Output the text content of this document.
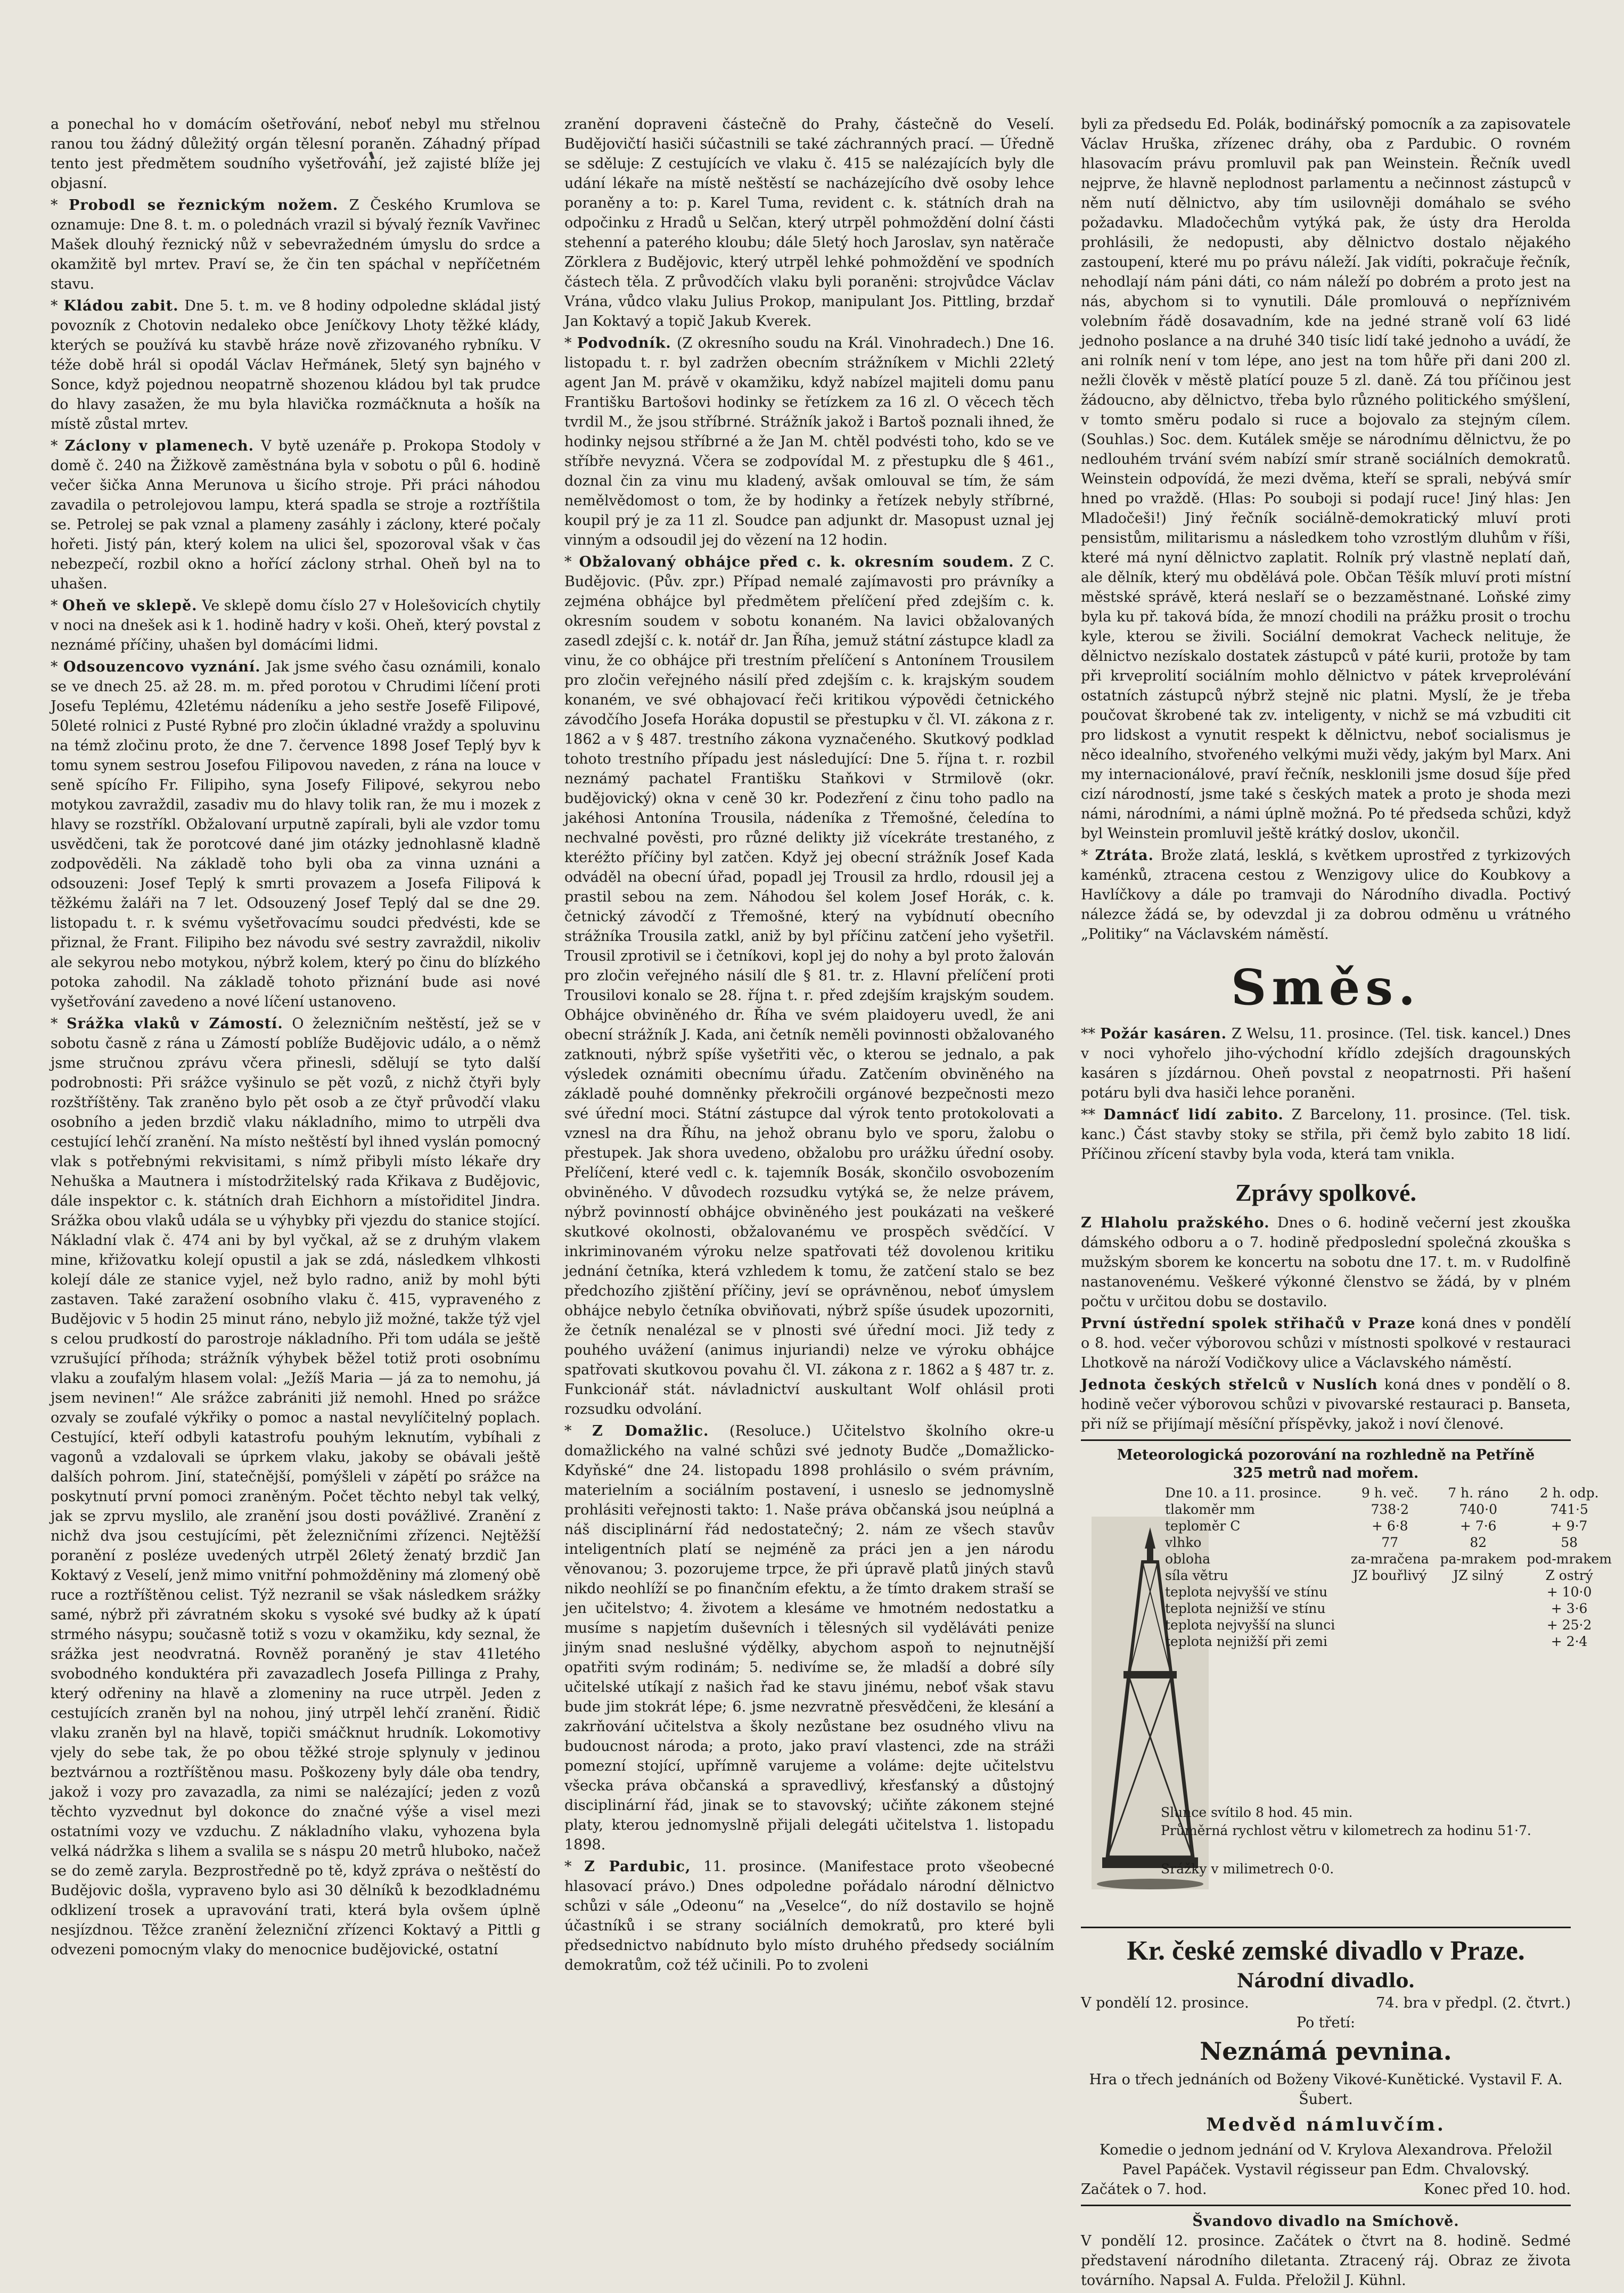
a ponechal ho v domácím ošetřování, neboť nebyl mu střelnou ranou tou žádný důležitý orgán tělesní poraněn. Záhadný případ tento jest předmětem soudního vyšetřování, jež zajisté blíže jej objasní.

* Probodl se řeznickým nožem. Z Českého Krumlova se oznamuje: Dne 8. t. m. o polednách vrazil si bývalý řezník Vavřinec Mašek dlouhý řeznický nůž v sebevražedném úmyslu do srdce a okamžitě byl mrtev. Praví se, že čin ten spáchal v nepříčetném stavu.

* Kládou zabit. Dne 5. t. m. ve 8 hodiny odpoledne skládal jistý povozník z Chotovin nedaleko obce Jeníčkovy Lhoty těžké klády, kterých se používá ku stavbě hráze nově zřizovaného rybníku. V téže době hrál si opodál Václav Heřmánek, 5letý syn bajného v Sonce, když pojednou neopatrně shozenou kládou byl tak prudce do hlavy zasažen, že mu byla hlavička rozmáčknuta a hošík na místě zůstal mrtev.

* Záclony v plamenech. V bytě uzenáře p. Prokopa Stodoly v domě č. 240 na Žižkově zaměstnána byla v sobotu o půl 6. hodině večer šička Anna Merunova u šicího stroje. Při práci náhodou zavadila o petrolejovou lampu, která spadla se stroje a roztříštila se. Petrolej se pak vznal a plameny zasáhly i záclony, které počaly hořeti. Jistý pán, který kolem na ulici šel, spozoroval však v čas nebezpečí, rozbil okno a hořící záclony strhal. Oheň byl na to uhašen.

* Oheň ve sklepě. Ve sklepě domu číslo 27 v Holešovicích chytily v noci na dnešek asi k 1. hodině hadry v koši. Oheň, který povstal z neznámé příčiny, uhašen byl domácími lidmi.

* Odsouzencovo vyznání. Jak jsme svého času oznámili, konalo se ve dnech 25. až 28. m. m. před porotou v Chrudimi líčení proti Josefu Teplému, 42letému nádeníku a jeho sestře Josefě Filipové, 50leté rolnici z Pusté Rybné pro zločin úkladné vraždy a spoluvinu na témž zločinu proto, že dne 7. července 1898 Josef Teplý byv k tomu synem sestrou Josefou Filipovou naveden, z rána na louce v seně spícího Fr. Filipiho, syna Josefy Filipové, sekyrou nebo motykou zavraždil, zasadiv mu do hlavy tolik ran, že mu i mozek z hlavy se rozstříkl. Obžalovaní urputně zapírali, byli ale vzdor tomu usvědčeni, tak že porotcové dané jim otázky jednohlasně kladně zodpověděli. Na základě toho byli oba za vinna uznáni a odsouzeni: Josef Teplý k smrti provazem a Josefa Filipová k těžkému žaláři na 7 let. Odsouzený Josef Teplý dal se dne 29. listopadu t. r. k svému vyšetřovacímu soudci předvésti, kde se přiznal, že Frant. Filipiho bez návodu své sestry zavraždil, nikoliv ale sekyrou nebo motykou, nýbrž kolem, který po činu do blízkého potoka zahodil. Na základě tohoto přiznání bude asi nové vyšetřování zavedeno a nové líčení ustanoveno.

* Srážka vlaků v Zámostí. O železničním neštěstí, jež se v sobotu časně z rána u Zámostí poblíže Budějovic událo, a o němž jsme stručnou zprávu včera přinesli, sdělují se tyto další podrobnosti: Při srážce vyšinulo se pět vozů, z nichž čtyři byly rozštříštěny. Tak zraněno bylo pět osob a ze čtyř průvodčí vlaku osobního a jeden brzdič vlaku nákladního, mimo to utrpěli dva cestující lehčí zranění. Na místo neštěstí byl ihned vyslán pomocný vlak s potřebnými rekvisitami, s nímž přibyli místo lékaře dry Nehuška a Mautnera i místodržitelský rada Křikava z Budějovic, dále inspektor c. k. státních drah Eichhorn a místořiditel Jindra. Srážka obou vlaků udála se u výhybky při vjezdu do stanice stojící. Nákladní vlak č. 474 ani by byl vyčkal, až se z druhým vlakem mine, křižovatku kolejí opustil a jak se zdá, následkem vlhkosti kolejí dále ze stanice vyjel, než bylo radno, aniž by mohl býti zastaven. Také zaražení osobního vlaku č. 415, vypraveného z Budějovic v 5 hodin 25 minut ráno, nebylo již možné, takže týž vjel s celou prudkostí do parostroje nákladního. Při tom udála se ještě vzrušující příhoda; strážník výhybek běžel totiž proti osobnímu vlaku a zoufalým hlasem volal: „Ježíš Maria — já za to nemohu, já jsem nevinen!“ Ale srážce zabrániti již nemohl. Hned po srážce ozvaly se zoufalé výkřiky o pomoc a nastal nevylíčitelný poplach. Cestující, kteří odbyli katastrofu pouhým leknutím, vybíhali z vagonů a vzdalovali se úprkem vlaku, jakoby se obávali ještě dalších pohrom. Jiní, statečnější, pomýšleli v zápětí po srážce na poskytnutí první pomoci zraněným. Počet těchto nebyl tak velký, jak se zprvu myslilo, ale zranění jsou dosti povážlivé. Zranění z nichž dva jsou cestujícími, pět železničními zřízenci. Nejtěžší poranění z posléze uvedených utrpěl 26letý ženatý brzdič Jan Koktavý z Veselí, jenž mimo vnitřní pohmožděniny má zlomený obě ruce a roztříštěnou celist. Týž nezranil se však následkem srážky samé, nýbrž při závratném skoku s vysoké své budky až k úpatí strmého násypu; současně totiž s vozu v okamžiku, kdy seznal, že srážka jest neodvratná. Rovněž poraněný je stav 41letého svobodného konduktéra při zavazadlech Josefa Pillinga z Prahy, který odřeniny na hlavě a zlomeniny na ruce utrpěl. Jeden z cestujících zraněn byl na nohou, jiný utrpěl lehčí zranění. Řidič vlaku zraněn byl na hlavě, topiči smáčknut hrudník. Lokomotivy vjely do sebe tak, že po obou těžké stroje splynuly v jedinou beztvárnou a roztříštěnou masu. Poškozeny byly dále oba tendry, jakož i vozy pro zavazadla, za nimi se nalézající; jeden z vozů těchto vyzvednut byl dokonce do značné výše a visel mezi ostatními vozy ve vzduchu. Z nákladního vlaku, vyhozena byla velká nádržka s lihem a svalila se s náspu 20 metrů hluboko, načež se do země zaryla. Bezprostředně po tě, když zpráva o neštěstí do Budějovic došla, vypraveno bylo asi 30 dělníků k bezodkladnému odklizení trosek a upravování trati, která byla ovšem úplně nesjízdnou. Těžce zranění železniční zřízenci Koktavý a Pittli g odvezeni pomocným vlaky do menocnice budějovické, ostatní

zranění dopraveni částečně do Prahy, částečně do Veselí. Budějovičtí hasiči súčastnili se také záchranných prací. — Úředně se sděluje: Z cestujících ve vlaku č. 415 se nalézajících byly dle udání lékaře na místě neštěstí se nacházejícího dvě osoby lehce poraněny a to: p. Karel Tuma, revident c. k. státních drah na odpočinku z Hradů u Selčan, který utrpěl pohmoždění dolní části stehenní a paterého kloubu; dále 5letý hoch Jaroslav, syn natěrače Zörklera z Budějovic, který utrpěl lehké pohmoždění ve spodních částech těla. Z průvodčích vlaku byli poraněni: strojvůdce Václav Vrána, vůdco vlaku Julius Prokop, manipulant Jos. Pittling, brzdař Jan Koktavý a topič Jakub Kverek.

* Podvodník. (Z okresního soudu na Král. Vinohradech.) Dne 16. listopadu t. r. byl zadržen obecním strážníkem v Michli 22letý agent Jan M. právě v okamžiku, když nabízel majiteli domu panu Františku Bartošovi hodinky se řetízkem za 16 zl. O věcech těch tvrdil M., že jsou stříbrné. Strážník jakož i Bartoš poznali ihned, že hodinky nejsou stříbrné a že Jan M. chtěl podvésti toho, kdo se ve stříbře nevyzná. Včera se zodpovídal M. z přestupku dle § 461., doznal čin za vinu mu kladený, avšak omlouval se tím, že sám nemělvědomost o tom, že by hodinky a řetízek nebyly stříbrné, koupil prý je za 11 zl. Soudce pan adjunkt dr. Masopust uznal jej vinným a odsoudil jej do vězení na 12 hodin.

* Obžalovaný obhájce před c. k. okresním soudem. Z C. Budějovic. (Pův. zpr.) Případ nemalé zajímavosti pro právníky a zejména obhájce byl předmětem přelíčení před zdejším c. k. okresním soudem v sobotu konaném. Na lavici obžalovaných zasedl zdejší c. k. notář dr. Jan Říha, jemuž státní zástupce kladl za vinu, že co obhájce při trestním přelíčení s Antonínem Trousilem pro zločin veřejného násilí před zdejším c. k. krajským soudem konaném, ve své obhajovací řeči kritikou výpovědi četnického závodčího Josefa Horáka dopustil se přestupku v čl. VI. zákona z r. 1862 a v § 487. trestního zákona vyznačeného. Skutkový podklad tohoto trestního případu jest následující: Dne 5. října t. r. rozbil neznámý pachatel Františku Staňkovi v Strmilově (okr. budějovický) okna v ceně 30 kr. Podezření z činu toho padlo na jakéhosi Antonína Trousila, nádeníka z Třemošné, čeledína to nechvalné pověsti, pro různé delikty již vícekráte trestaného, z kteréžto příčiny byl zatčen. Když jej obecní strážník Josef Kada odváděl na obecní úřad, popadl jej Trousil za hrdlo, rdousil jej a prastil sebou na zem. Náhodou šel kolem Josef Horák, c. k. četnický závodčí z Třemošné, který na vybídnutí obecního strážníka Trousila zatkl, aniž by byl příčinu zatčení jeho vyšetřil. Trousil zprotivil se i četníkovi, kopl jej do nohy a byl proto žalován pro zločin veřejného násilí dle § 81. tr. z. Hlavní přelíčení proti Trousilovi konalo se 28. října t. r. před zdejším krajským soudem. Obhájce obviněného dr. Říha ve svém plaidoyeru uvedl, že ani obecní strážník J. Kada, ani četník neměli povinnosti obžalovaného zatknouti, nýbrž spíše vyšetřiti věc, o kterou se jednalo, a pak výsledek oznámiti obecnímu úřadu. Zatčením obviněného na základě pouhé domněnky překročili orgánové bezpečnosti mezo své úřední moci. Státní zástupce dal výrok tento protokolovati a vznesl na dra Říhu, na jehož obranu bylo ve sporu, žalobu o přestupek. Jak shora uvedeno, obžalobu pro urážku úřední osoby. Přelíčení, které vedl c. k. tajemník Bosák, skončilo osvobozením obviněného. V důvodech rozsudku vytýká se, že nelze právem, nýbrž povinností obhájce obviněného jest poukázati na veškeré skutkové okolnosti, obžalovanému ve prospěch svědčící. V inkriminovaném výroku nelze spatřovati též dovolenou kritiku jednání četníka, která vzhledem k tomu, že zatčení stalo se bez předchozího zjištění příčiny, jeví se oprávněnou, neboť úmyslem obhájce nebylo četníka obviňovati, nýbrž spíše úsudek upozorniti, že četník nenalézal se v plnosti své úřední moci. Již tedy z pouhého uvážení (animus injuriandi) nelze ve výroku obhájce spatřovati skutkovou povahu čl. VI. zákona z r. 1862 a § 487 tr. z. Funkcionář stát. návladnictví auskultant Wolf ohlásil proti rozsudku odvolání.

* Z Domažlic. (Resoluce.) Učitelstvo školního okre-u domažlického na valné schůzi své jednoty Budče „Domažlicko-Kdyňské“ dne 24. listopadu 1898 prohlásilo o svém právním, materielním a sociálním postavení, i usneslo se jednomyslně prohlásiti veřejnosti takto: 1. Naše práva občanská jsou neúplná a náš disciplinární řád nedostatečný; 2. nám ze všech stavův inteligentních platí se nejméně za práci jen a jen národu věnovanou; 3. pozorujeme trpce, že při úpravě platů jiných stavů nikdo neohlíží se po finančním efektu, a že tímto drakem straší se jen učitelstvo; 4. životem a klesáme ve hmotném nedostatku a musíme s napjetím duševních i tělesných sil vyděláváti penize jiným snad neslušné výdělky, abychom aspoň to nejnutnější opatřiti svým rodinám; 5. nedivíme se, že mladší a dobré síly učitelské utíkají z našich řad ke stavu jinému, neboť však stavu bude jim stokrát lépe; 6. jsme nezvratně přesvědčeni, že klesání a zakrňování učitelstva a školy nezůstane bez osudného vlivu na budoucnost národa; a proto, jako praví vlastenci, zde na stráži pomezní stojící, upřímně varujeme a voláme: dejte učitelstvu všecka práva občanská a spravedlivý, křesťanský a důstojný disciplinární řád, jinak se to stavovský; učiňte zákonem stejné platy, kterou jednomyslně přijali delegáti učitelstva 1. listopadu 1898.

* Z Pardubic, 11. prosince. (Manifestace proto všeobecné hlasovací právo.) Dnes odpoledne pořádalo národní dělnictvo schůzi v sále „Odeonu“ na „Veselce“, do níž dostavilo se hojně účastníků i se strany sociálních demokratů, pro které byli předsednictvo nabídnuto bylo místo druhého předsedy sociálním demokratům, což též učinili. Po to zvoleni

byli za předsedu Ed. Polák, bodinářský pomocník a za zapisovatele Václav Hruška, zřízenec dráhy, oba z Pardubic. O rovném hlasovacím právu promluvil pak pan Weinstein. Řečník uvedl nejprve, že hlavně neplodnost parlamentu a nečinnost zástupců v něm nutí dělnictvo, aby tím usilovněji domáhalo se svého požadavku. Mladočechům vytýká pak, že ústy dra Herolda prohlásili, že nedopusti, aby dělnictvo dostalo nějakého zastoupení, které mu po právu náleží. Jak vidíti, pokračuje řečník, nehodlají nám páni dáti, co nám náleží po dobrém a proto jest na nás, abychom si to vynutili. Dále promlouvá o nepříznivém volebním řádě dosavadním, kde na jedné straně volí 63 lidé jednoho poslance a na druhé 340 tisíc lidí také jednoho a uvádí, že ani rolník není v tom lépe, ano jest na tom hůře při dani 200 zl. nežli člověk v městě platící pouze 5 zl. daně. Zá tou příčinou jest žádoucno, aby dělnictvo, třeba bylo různého politického smýšlení, v tomto směru podalo si ruce a bojovalo za stejným cílem. (Souhlas.) Soc. dem. Kutálek směje se národnímu dělnictvu, že po nedlouhém trvání svém nabízí smír straně sociálních demokratů. Weinstein odpovídá, že mezi dvěma, kteří se sprali, nebývá smír hned po vraždě. (Hlas: Po souboji si podají ruce! Jiný hlas: Jen Mladočeši!) Jiný řečník sociálně-demokratický mluví proti pensistům, militarismu a následkem toho vzrostlým dluhům v říši, které má nyní dělnictvo zaplatit. Rolník prý vlastně neplatí daň, ale dělník, který mu obdělává pole. Občan Těšík mluví proti místní městské správě, která neslaří se o bezzaměstnané. Loňské zimy byla ku př. taková bída, že mnozí chodili na prážku prosit o trochu kyle, kterou se živili. Sociální demokrat Vacheck nelituje, že dělnictvo nezískalo dostatek zástupců v páté kurii, protože by tam při krveprolití sociálním mohlo dělnictvo v pátek krveprolévání ostatních zástupců nýbrž stejně nic platni. Myslí, že je třeba poučovat škrobené tak zv. inteligenty, v nichž se má vzbuditi cit pro lidskost a vynutit respekt k dělnictvu, neboť socialismus je něco idealního, stvořeného velkými muži vědy, jakým byl Marx. Ani my internacionálové, praví řečník, nesklonili jsme dosud šíje před cizí národností, jsme také s českých matek a proto je shoda mezi námi, národními, a námi úplně možná. Po té předseda schůzi, když byl Weinstein promluvil ještě krátký doslov, ukončil.

* Ztráta. Brože zlatá, lesklá, s květkem uprostřed z tyrkizových kaménků, ztracena cestou z Wenzigovy ulice do Koubkovy a Havlíčkovy a dále po tramvaji do Národního divadla. Poctivý nálezce žádá se, by odevzdal ji za dobrou odměnu u vrátného „Politiky“ na Václavském náměstí.

Směs.

** Požár kasáren. Z Welsu, 11. prosince. (Tel. tisk. kancel.) Dnes v noci vyhořelo jiho-východní křídlo zdejších dragounských kasáren s jízdárnou. Oheň povstal z neopatrnosti. Při hašení potáru byli dva hasiči lehce poraněni.

** Damnácť lidí zabito. Z Barcelony, 11. prosince. (Tel. tisk. kanc.) Část stavby stoky se střila, při čemž bylo zabito 18 lidí. Příčinou zřícení stavby byla voda, která tam vnikla.

Zprávy spolkové.

Z Hlaholu pražského. Dnes o 6. hodině večerní jest zkouška dámského odboru a o 7. hodině předposlední společná zkouška s mužským sborem ke koncertu na sobotu dne 17. t. m. v Rudolfině nastanovenému. Veškeré výkonné členstvo se žádá, by v plném počtu v určitou dobu se dostavilo.

První ústřední spolek střihačů v Praze koná dnes v pondělí o 8. hod. večer výborovou schůzi v místnosti spolkové v restauraci Lhotkově na nároží Vodičkovy ulice a Václavského náměstí.

Jednota českých střelců v Nuslích koná dnes v pondělí o 8. hodině večer výborovou schůzi v pivovarské restauraci p. Banseta, při níž se přijímají měsíční příspěvky, jakož i noví členové.

Meteorologická pozorování na rozhledně na Petříně
325 metrů nad mořem.
Dne 10. a 11. prosince.	9 h. več.	7 h. ráno	2 h. odp.
tlakoměr mm	738·2	740·0	741·5
teploměr C	+ 6·8	+ 7·6	+ 9·7
vlhko	77	82	58
obloha	za-mračena	pa-mrakem	pod-mrakem
síla větru	JZ bouřlivý	JZ silný	Z ostrý
teplota nejvyšší ve stínu			+ 10·0
teplota nejnižší ve stínu			+ 3·6
teplota nejvyšší na slunci			+ 25·2
teplota nejnižší při zemi			+ 2·4
Slunce svítilo 8 hod. 45 min.
Průměrná rychlost větru v kilometrech za hodinu 51·7.
Srážky v milimetrech 0·0.
Kr. české zemské divadlo v Praze.
Národní divadlo.
V pondělí 12. prosince.	74. bra v předpl. (2. čtvrt.)
Po třetí:
Neznámá pevnina.
Hra o třech jednáních od Boženy Vikové-Kunětické. Vystavil F. A. Šubert.
Medvěd námluvčím.
Komedie o jednom jednání od V. Krylova Alexandrova. Přeložil Pavel Papáček. Vystavil régisseur pan Edm. Chvalovský.
Začátek o 7. hod.	Konec před 10. hod.
Švandovo divadlo na Smíchově.

V pondělí 12. prosince. Začátek o čtvrt na 8. hodině. Sedmé představení národního diletanta. Ztracený ráj. Obraz ze života továrního. Napsal A. Fulda. Přeložil J. Kühnl.
